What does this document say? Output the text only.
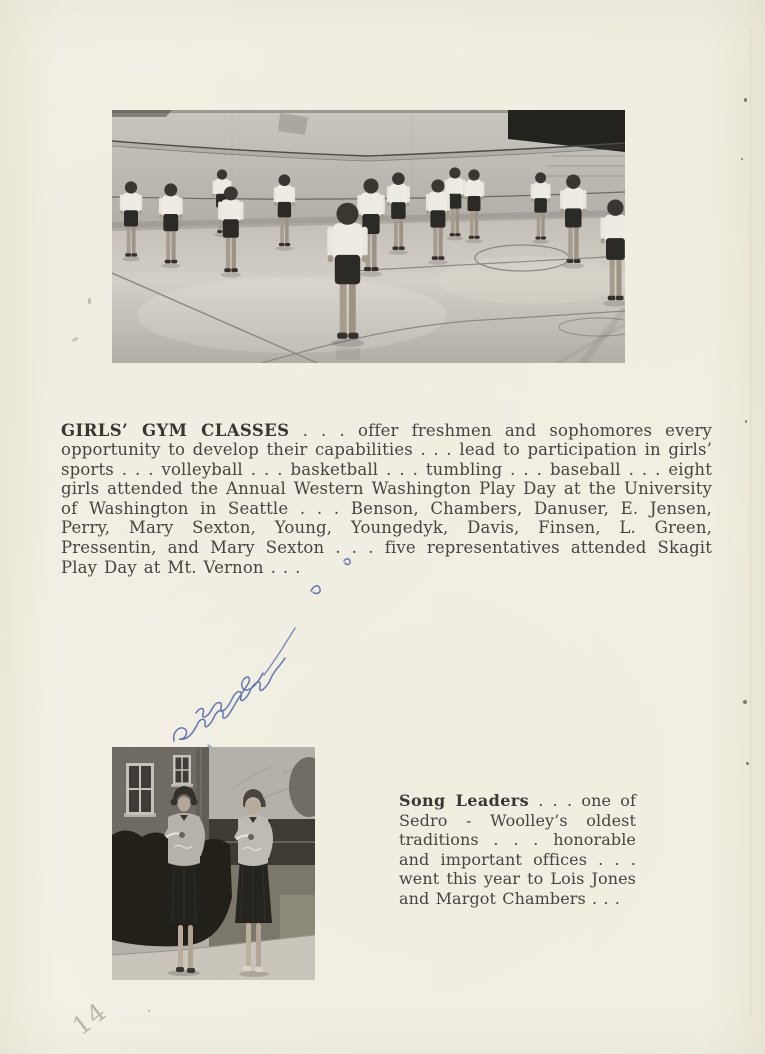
GIRLS’ GYM CLASSES . . . offer freshmen and sophomores every opportunity to develop their capabilities . . . lead to participation in girls’ sports . . . volleyball . . . basketball . . . tumbling . . . baseball . . . eight girls attended the Annual Western Washington Play Day at the University of Washington in Seattle . . . Benson, Chambers, Danuser, E. Jensen, Perry, Mary Sexton, Young, Youngedyk, Davis, Finsen, L. Green, Pressentin, and Mary Sexton . . . five representatives attended Skagit Play Day at Mt. Vernon . . .

Song Leaders . . . one of Sedro - Woolley’s oldest traditions . . . honorable and important offices . . . went this year to Lois Jones and Margot Chambers . . .

14
